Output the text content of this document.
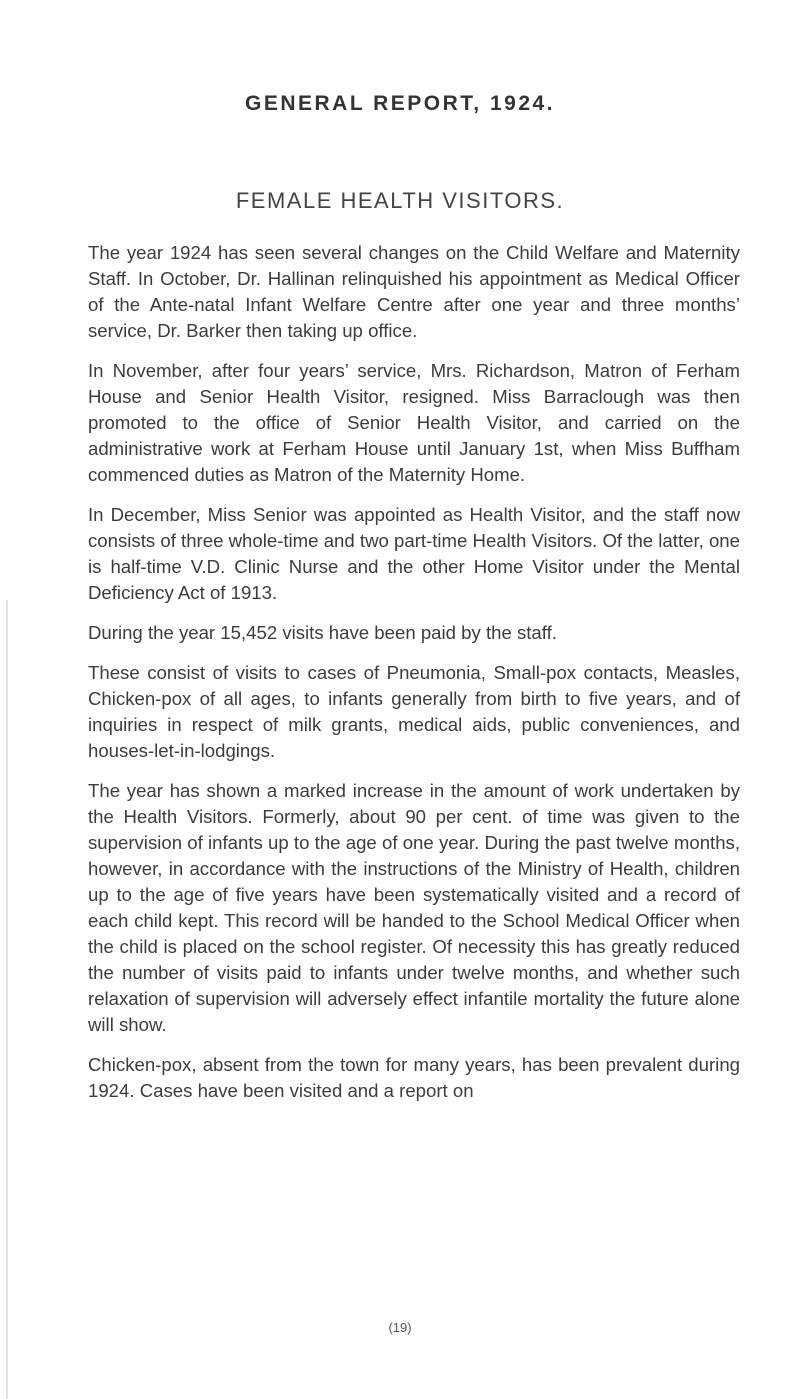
GENERAL REPORT, 1924.
FEMALE HEALTH VISITORS.

The year 1924 has seen several changes on the Child Welfare and Maternity Staff. In October, Dr. Hallinan relinquished his appointment as Medical Officer of the Ante-natal Infant Welfare Centre after one year and three months’ service, Dr. Barker then taking up office.

In November, after four years’ service, Mrs. Richardson, Matron of Ferham House and Senior Health Visitor, resigned. Miss Barraclough was then promoted to the office of Senior Health Visitor, and carried on the administrative work at Ferham House until January 1st, when Miss Buffham commenced duties as Matron of the Maternity Home.

In December, Miss Senior was appointed as Health Visitor, and the staff now consists of three whole-time and two part-time Health Visitors. Of the latter, one is half-time V.D. Clinic Nurse and the other Home Visitor under the Mental Deficiency Act of 1913.

During the year 15,452 visits have been paid by the staff.

These consist of visits to cases of Pneumonia, Small-pox contacts, Measles, Chicken-pox of all ages, to infants generally from birth to five years, and of inquiries in respect of milk grants, medical aids, public conveniences, and houses-let-in-lodgings.

The year has shown a marked increase in the amount of work undertaken by the Health Visitors. Formerly, about 90 per cent. of time was given to the supervision of infants up to the age of one year. During the past twelve months, however, in accordance with the instructions of the Ministry of Health, children up to the age of five years have been systematically visited and a record of each child kept. This record will be handed to the School Medical Officer when the child is placed on the school register. Of necessity this has greatly reduced the number of visits paid to infants under twelve months, and whether such relaxation of supervision will adversely effect infantile mortality the future alone will show.

Chicken-pox, absent from the town for many years, has been prevalent during 1924. Cases have been visited and a report on

(19)
